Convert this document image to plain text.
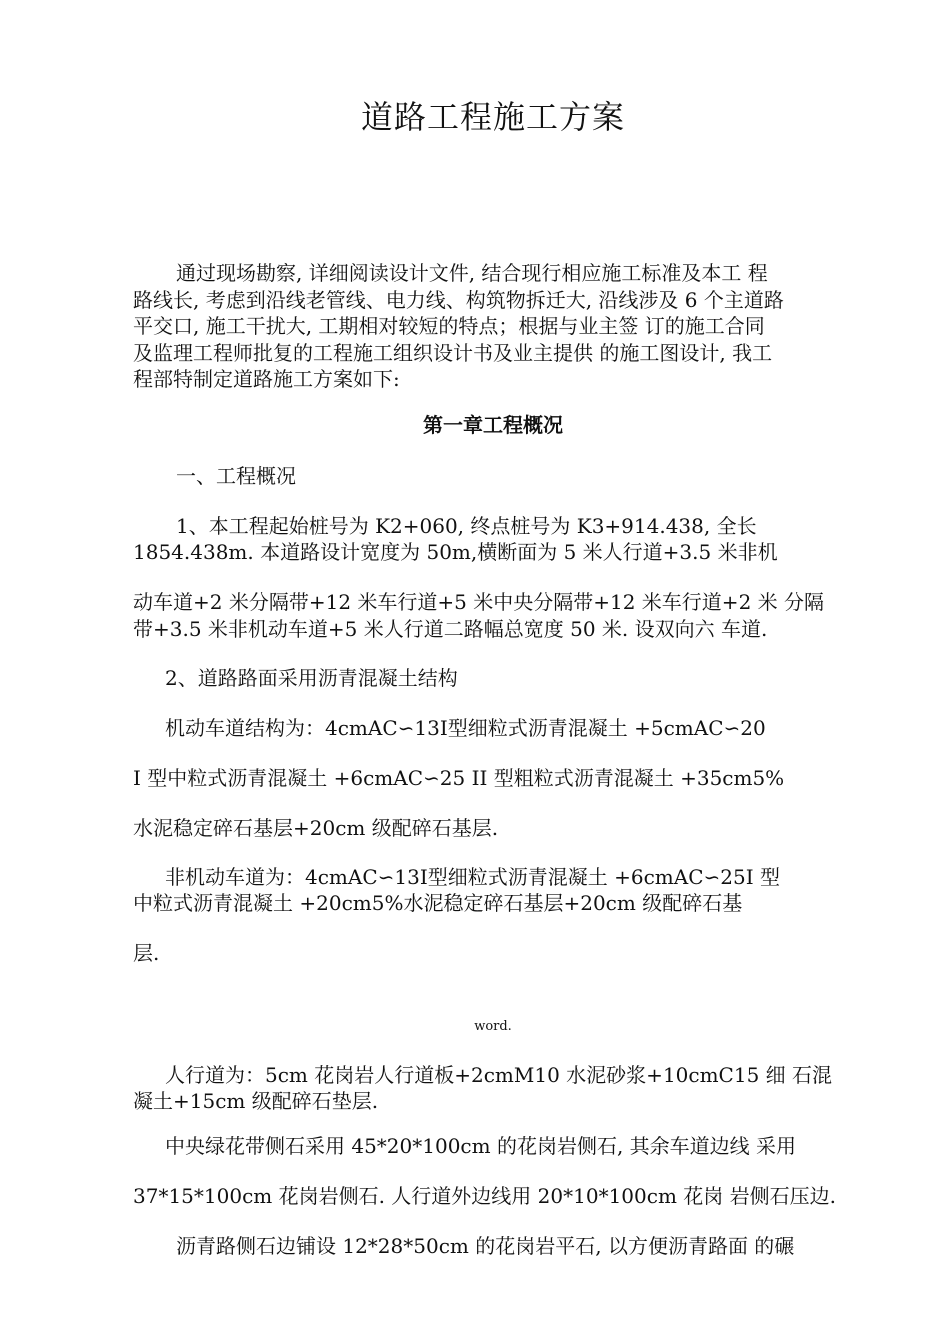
道路工程施工方案

通过现场勘察, 详细阅读设计文件, 结合现行相应施工标准及本工 程

路线长, 考虑到沿线老管线、电力线、构筑物拆迁大, 沿线涉及 6 个主道路

平交口, 施工干扰大, 工期相对较短的特点；根据与业主签 订的施工合同

及监理工程师批复的工程施工组织设计书及业主提供 的施工图设计, 我工

程部特制定道路施工方案如下:

第一章工程概况

一、工程概况

1、本工程起始桩号为 K2+060, 终点桩号为 K3+914.438, 全长

1854.438m. 本道路设计宽度为 50m,横断面为 5 米人行道+3.5 米非机

动车道+2 米分隔带+12 米车行道+5 米中央分隔带+12 米车行道+2 米 分隔

带+3.5 米非机动车道+5 米人行道二路幅总宽度 50 米. 设双向六 车道.

2、道路路面采用沥青混凝土结构

机动车道结构为：4cmAC∽13Ⅰ型细粒式沥青混凝土 +5cmAC∽20

I 型中粒式沥青混凝土 +6cmAC∽25 II 型粗粒式沥青混凝土 +35cm5%

水泥稳定碎石基层+20cm 级配碎石基层.

非机动车道为：4cmAC∽13Ⅰ型细粒式沥青混凝土 +6cmAC∽25Ⅰ 型

中粒式沥青混凝土 +20cm5%水泥稳定碎石基层+20cm 级配碎石基

层.

word.

人行道为：5cm 花岗岩人行道板+2cmM10 水泥砂浆+10cmC15 细 石混

凝土+15cm 级配碎石垫层.

中央绿花带侧石采用 45*20*100cm 的花岗岩侧石, 其余车道边线 采用

37*15*100cm 花岗岩侧石. 人行道外边线用 20*10*100cm 花岗 岩侧石压边.

沥青路侧石边铺设 12*28*50cm 的花岗岩平石, 以方便沥青路面 的碾
